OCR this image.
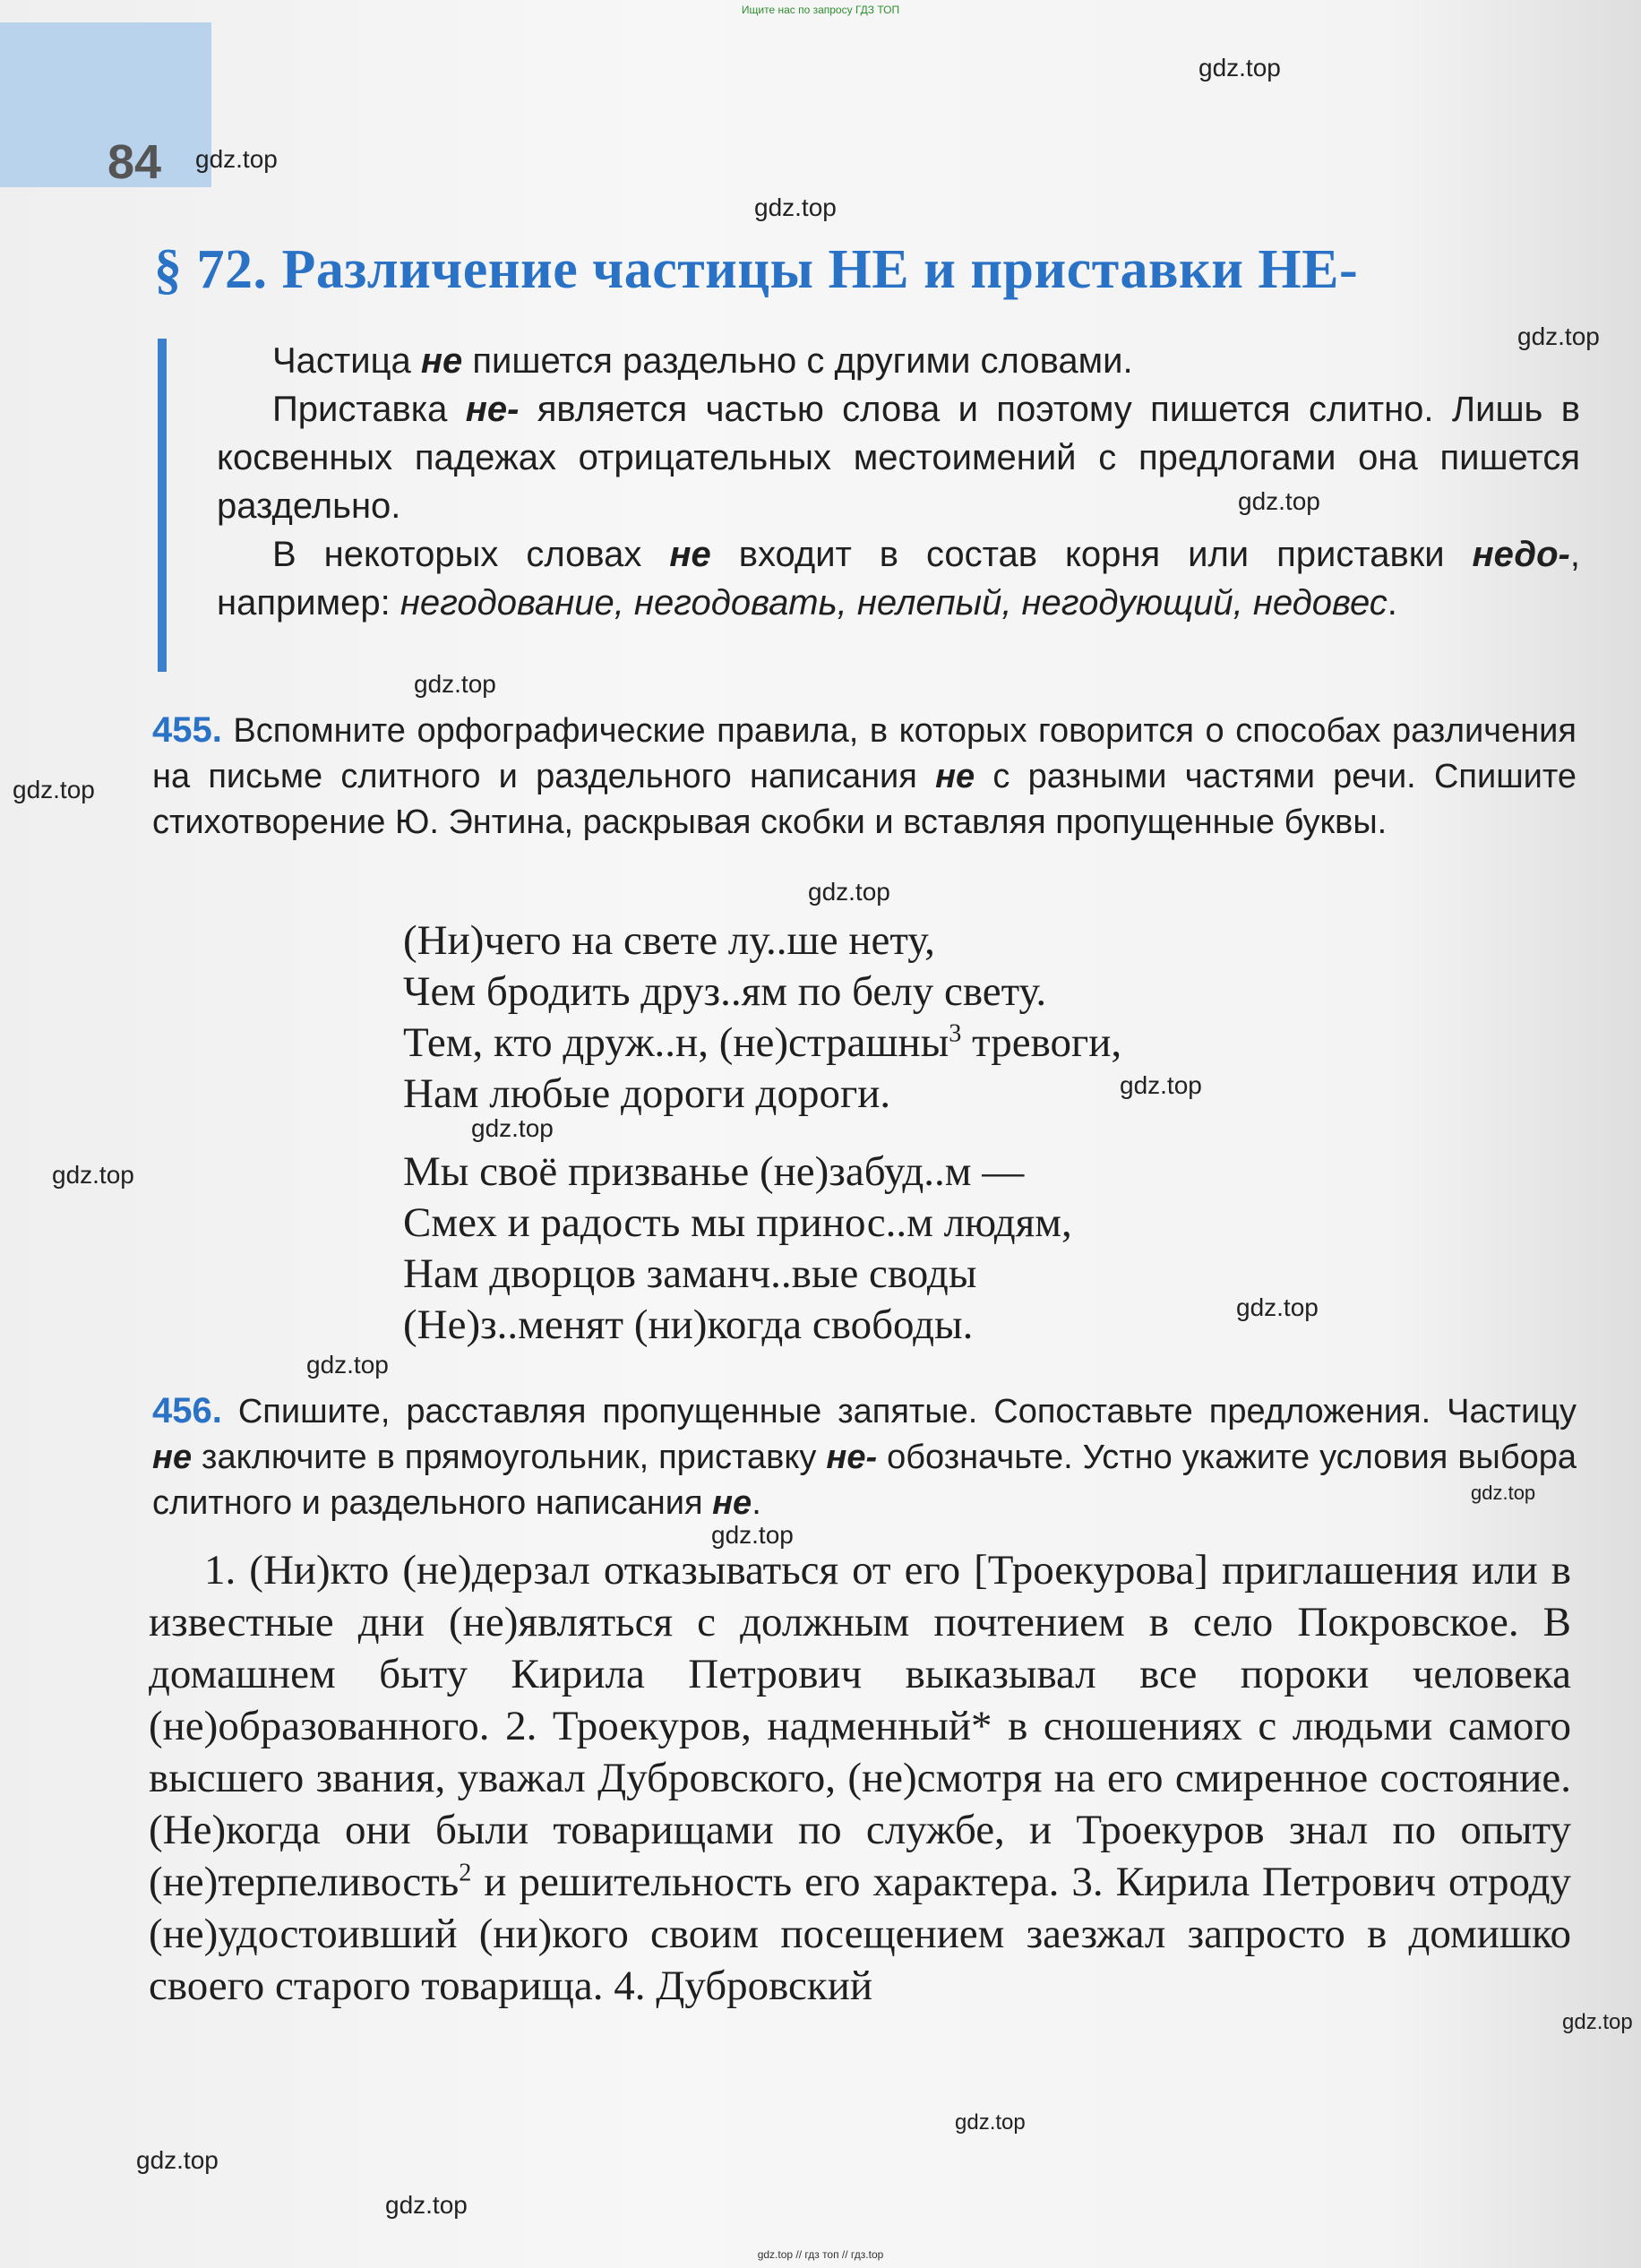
Ищите нас по запросу ГДЗ ТОП
84
gdz.top
gdz.top
gdz.top
gdz.top
gdz.top
gdz.top
gdz.top
gdz.top
gdz.top
gdz.top
gdz.top
gdz.top
gdz.top
gdz.top
gdz.top
gdz.top
gdz.top
gdz.top
gdz.top
§ 72. Различение частицы НЕ и приставки НЕ-

Частица не пишется раздельно с другими словами.

Приставка не- является частью слова и поэтому пишется слитно. Лишь в косвенных падежах отрицательных местоимений с предлогами она пишется раздельно.

В некоторых словах не входит в состав корня или приставки недо-, например: негодование, негодовать, нелепый, негодующий, недовес.

455. Вспомните орфографические правила, в которых говорится о способах различения на письме слитного и раздельного написания не с разными частями речи. Спишите стихотворение Ю. Энтина, раскрывая скобки и вставляя пропущенные буквы.
(Ни)чего на свете лу..ше нету,
Чем бродить друз..ям по белу свету.
Тем, кто друж..н, (не)страшны$^3$ тревоги,
Нам любые дороги дороги.
Мы своё призванье (не)забуд..м —
Смех и радость мы принос..м людям,
Нам дворцов заманч..вые своды
(Не)з..менят (ни)когда свободы.
456. Спишите, расставляя пропущенные запятые. Сопоставьте предложения. Частицу не заключите в прямоугольник, приставку не- обозначьте. Устно укажите условия выбора слитного и раздельного написания не.
1. (Ни)кто (не)дерзал отказываться от его [Троекурова] приглашения или в известные дни (не)являться с должным почтением в село Покровское. В домашнем быту Кирила Петрович выказывал все пороки человека (не)образованного. 2. Троекуров, надменный* в сношениях с людьми самого высшего звания, уважал Дубровского, (не)смотря на его смиренное состояние. (Не)когда они были товарищами по службе, и Троекуров знал по опыту (не)терпеливость$^2$ и решительность его характера. 3. Кирила Петрович отроду (не)удостоивший (ни)кого своим посещением заезжал запросто в домишко своего старого товарища. 4. Дубровский
gdz.top // гдз топ // гдз.top
